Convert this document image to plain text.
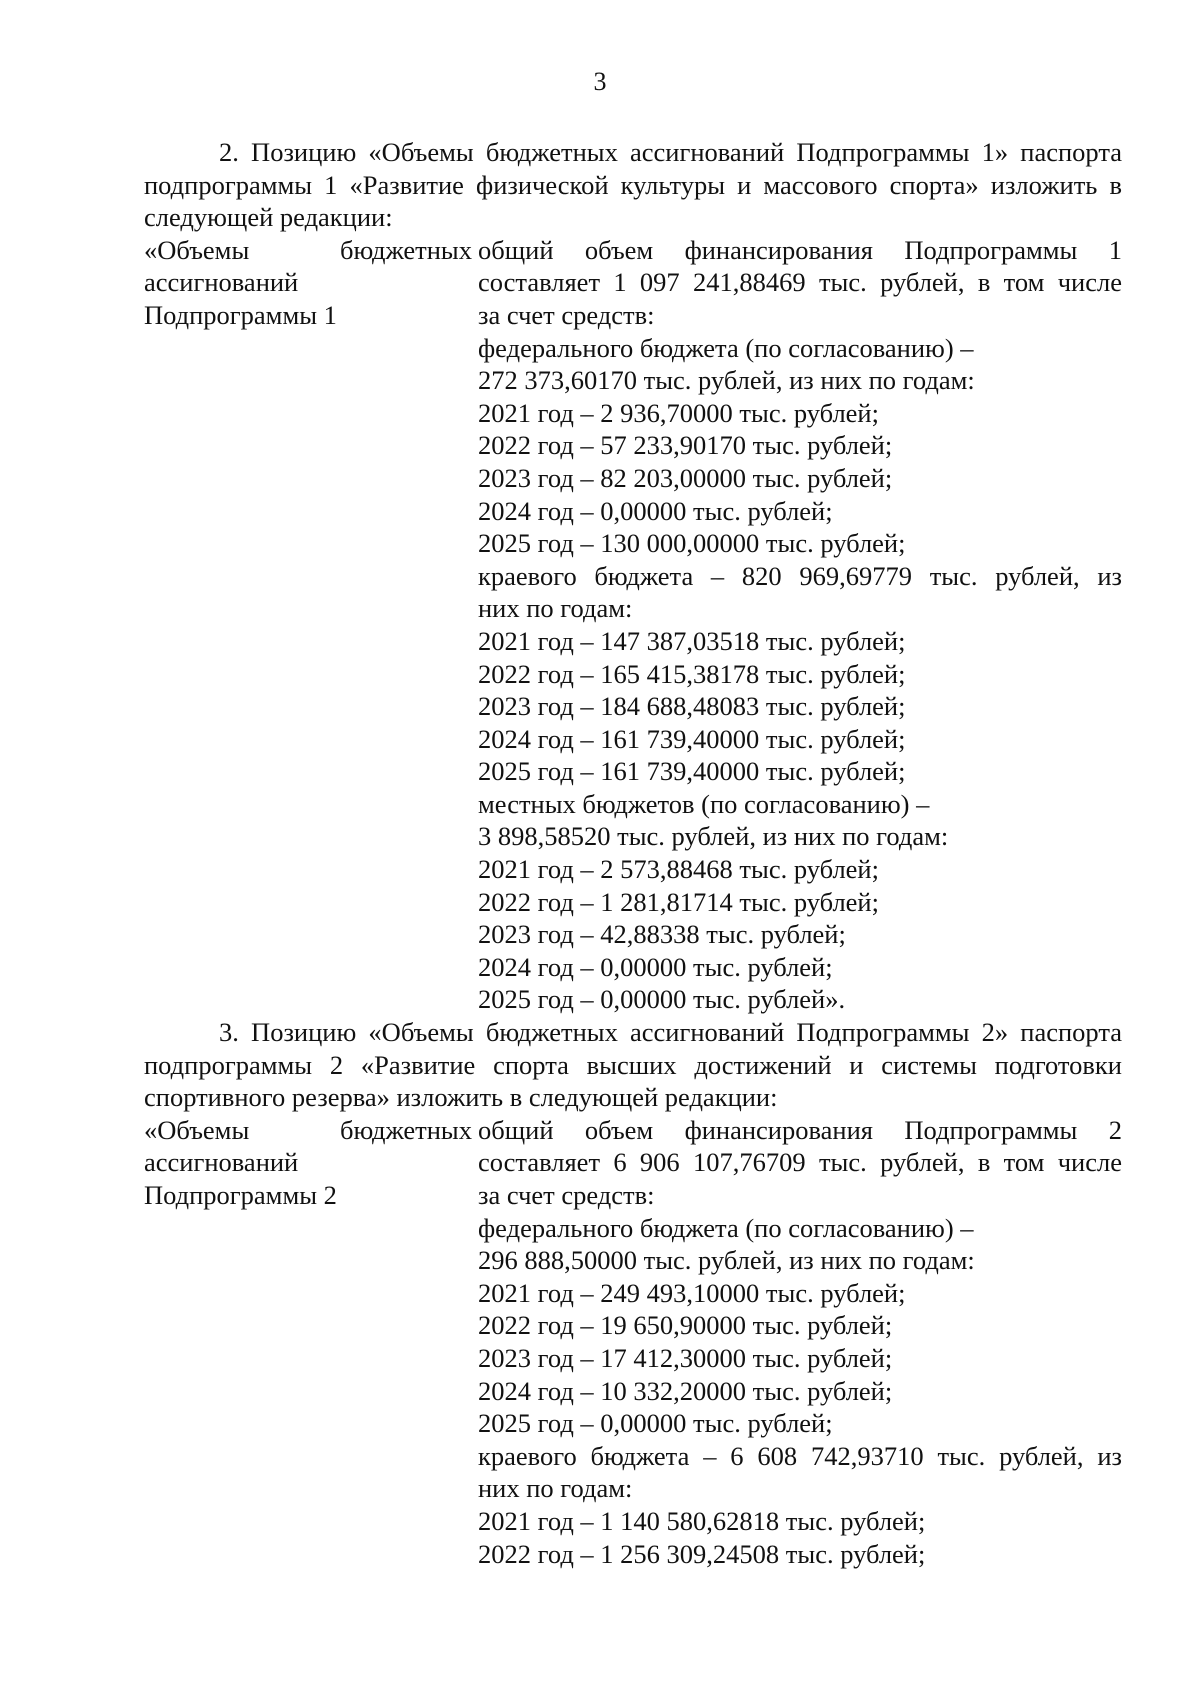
3

2. Позицию «Объемы бюджетных ассигнований Подпрограммы 1» паспорта подпрограммы 1 «Развитие физической культуры и массового спорта» изложить в следующей редакции:

«Объемы	бюджетных

ассигнований

Подпрограммы 1

общий объем финансирования Подпрограммы 1

составляет 1 097 241,88469 тыс. рублей, в том числе

за счет средств:

федерального бюджета (по согласованию) –

272 373,60170 тыс. рублей, из них по годам:

2021 год – 2 936,70000 тыс. рублей;

2022 год – 57 233,90170 тыс. рублей;

2023 год – 82 203,00000 тыс. рублей;

2024 год – 0,00000 тыс. рублей;

2025 год – 130 000,00000 тыс. рублей;

краевого бюджета – 820 969,69779 тыс. рублей, из

них по годам:

2021 год – 147 387,03518 тыс. рублей;

2022 год – 165 415,38178 тыс. рублей;

2023 год – 184 688,48083 тыс. рублей;

2024 год – 161 739,40000 тыс. рублей;

2025 год – 161 739,40000 тыс. рублей;

местных бюджетов (по согласованию) –

3 898,58520 тыс. рублей, из них по годам:

2021 год – 2 573,88468 тыс. рублей;

2022 год – 1 281,81714 тыс. рублей;

2023 год – 42,88338 тыс. рублей;

2024 год – 0,00000 тыс. рублей;

2025 год – 0,00000 тыс. рублей».

3. Позицию «Объемы бюджетных ассигнований Подпрограммы 2» паспорта подпрограммы 2 «Развитие спорта высших достижений и системы подготовки спортивного резерва» изложить в следующей редакции:

«Объемы	бюджетных

ассигнований

Подпрограммы 2

общий объем финансирования Подпрограммы 2

составляет 6 906 107,76709 тыс. рублей, в том числе

за счет средств:

федерального бюджета (по согласованию) –

296 888,50000 тыс. рублей, из них по годам:

2021 год – 249 493,10000 тыс. рублей;

2022 год – 19 650,90000 тыс. рублей;

2023 год – 17 412,30000 тыс. рублей;

2024 год – 10 332,20000 тыс. рублей;

2025 год – 0,00000 тыс. рублей;

краевого бюджета – 6 608 742,93710 тыс. рублей, из

них по годам:

2021 год – 1 140 580,62818 тыс. рублей;

2022 год – 1 256 309,24508 тыс. рублей;
